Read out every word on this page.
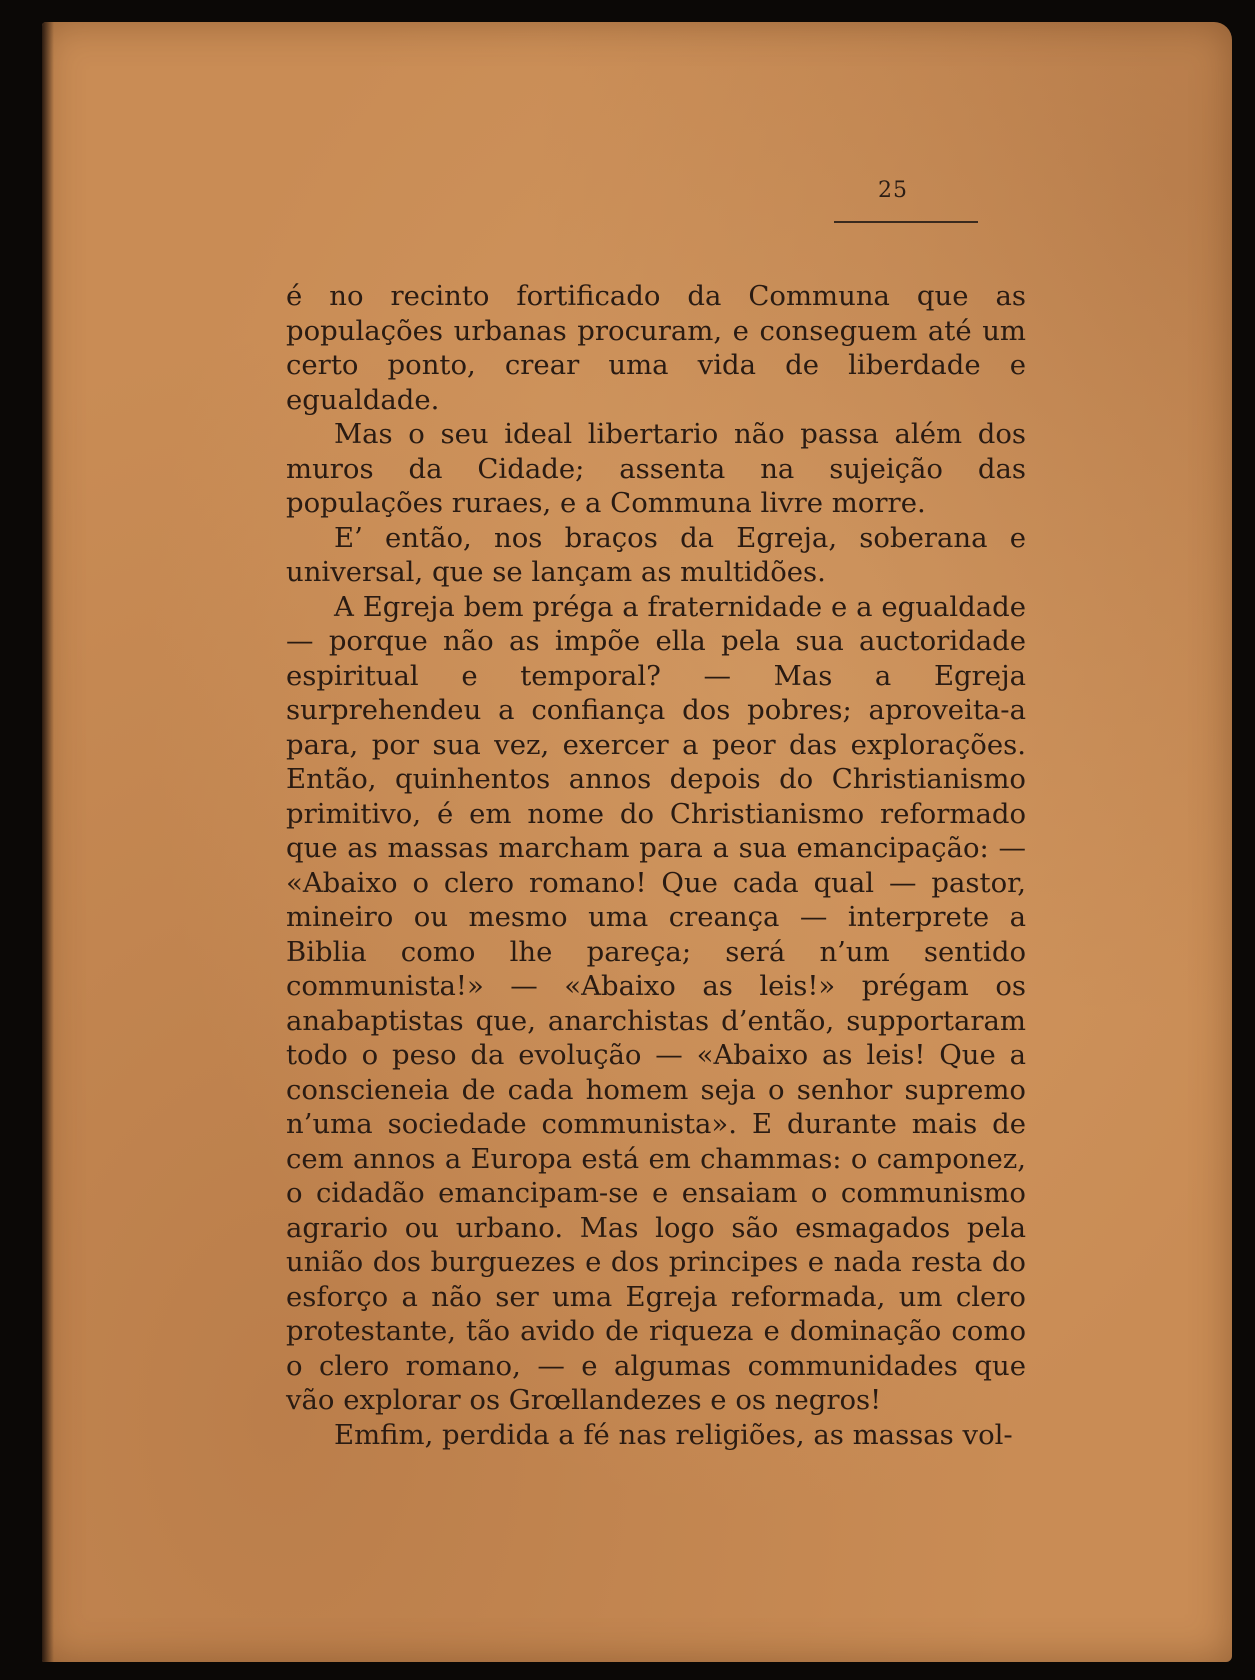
25

é no recinto fortificado da Communa que as populações urbanas procuram, e conseguem até um certo ponto, crear uma vida de liberdade e egualdade.

Mas o seu ideal libertario não passa além dos muros da Cidade; assenta na sujeição das populações ruraes, e a Communa livre morre.

E’ então, nos braços da Egreja, soberana e universal, que se lançam as multidões.

A Egreja bem préga a fraternidade e a egualdade — porque não as impõe ella pela sua auctoridade espiritual e temporal? — Mas a Egreja surprehendeu a confiança dos pobres; aproveita-a para, por sua vez, exercer a peor das explorações. Então, quinhentos annos depois do Christianismo primitivo, é em nome do Christianismo reformado que as massas marcham para a sua emancipação: — «Abaixo o clero romano! Que cada qual — pastor, mineiro ou mesmo uma creança — interprete a Biblia como lhe pareça; será n’um sentido communista!» — «Abaixo as leis!» prégam os anabaptistas que, anarchistas d’então, supportaram todo o peso da evolução — «Abaixo as leis! Que a conscieneia de cada homem seja o senhor supremo n’uma sociedade communista». E durante mais de cem annos a Europa está em chammas: o camponez, o cidadão emancipam-se e ensaiam o communismo agrario ou urbano. Mas logo são esmagados pela união dos burguezes e dos principes e nada resta do esforço a não ser uma Egreja reformada, um clero protestante, tão avido de riqueza e dominação como o clero romano, — e algumas communidades que vão explorar os Grœllandezes e os negros!

Emfim, perdida a fé nas religiões, as massas vol-
